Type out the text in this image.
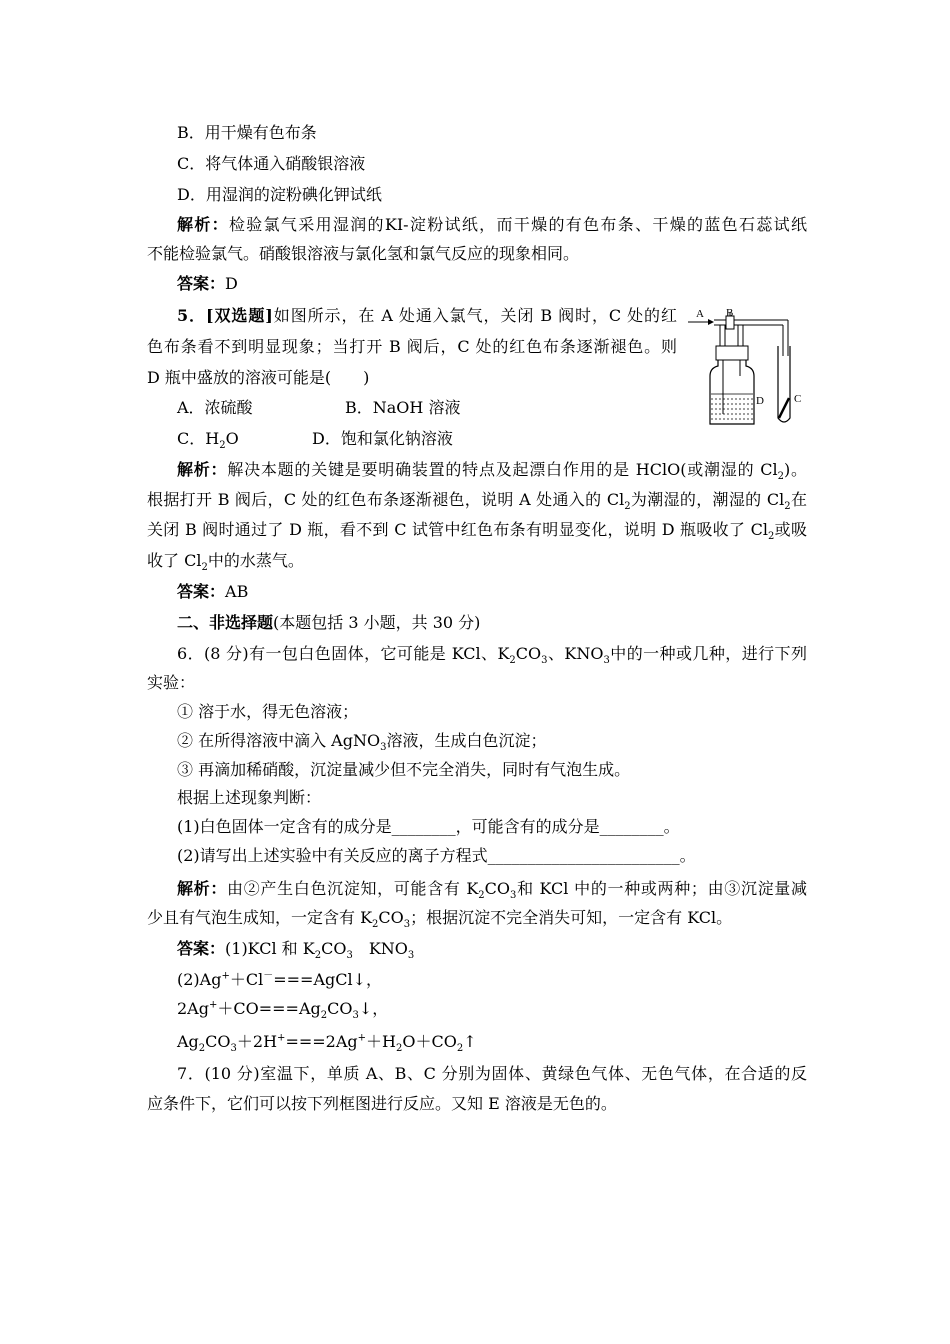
B．用干燥有色布条
C．将气体通入硝酸银溶液
D．用湿润的淀粉碘化钾试纸
解析：检验氯气采用湿润的KI-淀粉试纸，而干燥的有色布条、干燥的蓝色石蕊试纸
不能检验氯气。硝酸银溶液与氯化氢和氯气反应的现象相同。
答案：D
5．[双选题]如图所示，在 A 处通入氯气，关闭 B 阀时，C 处的红
色布条看不到明显现象；当打开 B 阀后，C 处的红色布条逐渐褪色。则
D 瓶中盛放的溶液可能是(　　)
A．浓硫酸	B．NaOH 溶液
C．$H_2O$	D．饱和氯化钠溶液
A B
D	C
解析：解决本题的关键是要明确装置的特点及起漂白作用的是 HClO(或潮湿的 $Cl_2$)。
根据打开 B 阀后，C 处的红色布条逐渐褪色，说明 A 处通入的 $Cl_2$为潮湿的，潮湿的 $Cl_2$在
关闭 B 阀时通过了 D 瓶，看不到 C 试管中红色布条有明显变化，说明 D 瓶吸收了 $Cl_2$或吸
收了 $Cl_2$中的水蒸气。
答案：AB
二、非选择题(本题包括 3 小题，共 30 分)
6．(8 分)有一包白色固体，它可能是 KCl、$K_2CO_3$、$KNO_3$中的一种或几种，进行下列
实验：
① 溶于水，得无色溶液；
② 在所得溶液中滴入 AgNO$_3$溶液，生成白色沉淀；
③ 再滴加稀硝酸，沉淀量减少但不完全消失，同时有气泡生成。
根据上述现象判断：
(1)白色固体一定含有的成分是________，可能含有的成分是________。
(2)请写出上述实验中有关反应的离子方程式________________________。
解析：由②产生白色沉淀知，可能含有 $K_2CO_3$和 KCl 中的一种或两种；由③沉淀量减
少且有气泡生成知，一定含有 $K_2CO_3$；根据沉淀不完全消失可知，一定含有 KCl。
答案：(1)KCl 和 $K_2CO_3$　$KNO_3$
(2)Ag+＋Cl－===AgCl↓，
$2Ag^++CO===Ag_2CO_3↓$，
$Ag_2CO_3+2H^+===2Ag^++H_2O+CO_2↑$
7．(10 分)室温下，单质 A、B、C 分别为固体、黄绿色气体、无色气体，在合适的反
应条件下，它们可以按下列框图进行反应。又知 E 溶液是无色的。
